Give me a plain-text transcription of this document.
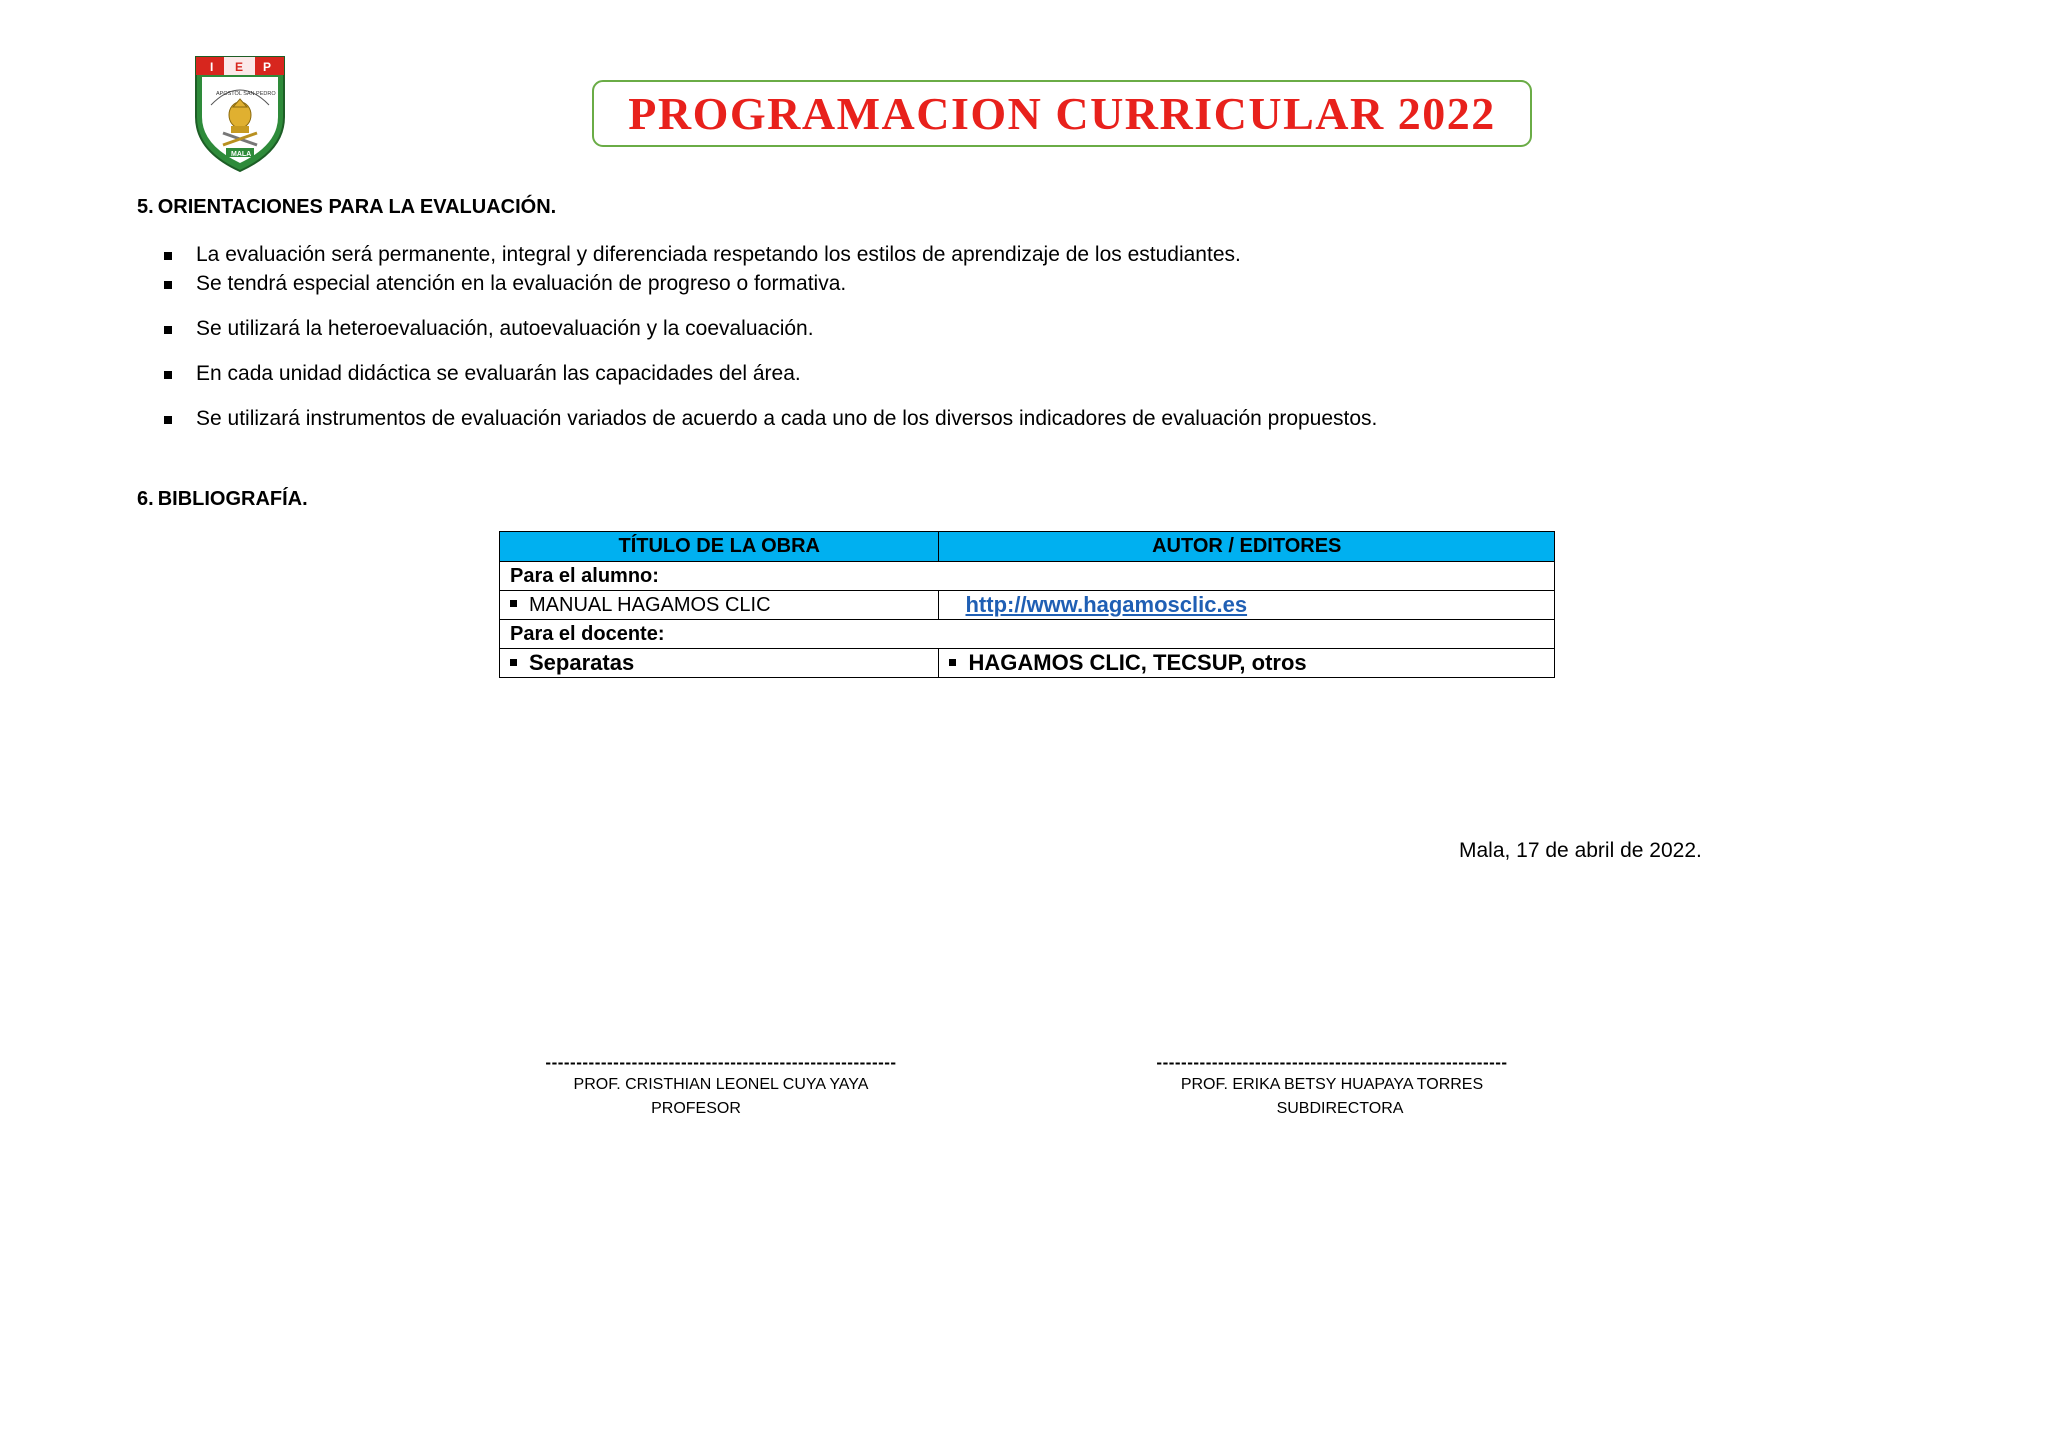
I E P
APOSTOL SAN PEDRO
MALA
PROGRAMACION CURRICULAR 2022
5. ORIENTACIONES PARA LA EVALUACIÓN.
La evaluación será permanente, integral y diferenciada respetando los estilos de aprendizaje de los estudiantes.
Se tendrá especial atención en la evaluación de progreso o formativa.
Se utilizará la heteroevaluación, autoevaluación y la coevaluación.
En cada unidad didáctica se evaluarán las capacidades del área.
Se utilizará instrumentos de evaluación variados de acuerdo a cada uno de los diversos indicadores de evaluación propuestos.
6. BIBLIOGRAFÍA.
TÍTULO DE LA OBRA	AUTOR / EDITORES
Para el alumno:	
MANUAL HAGAMOS CLIC	http://www.hagamosclic.es
Para el docente:	
Separatas	HAGAMOS CLIC, TECSUP, otros
Mala, 17 de abril de 2022.
---------------------------------------------------------
PROF. CRISTHIAN LEONEL CUYA YAYA
PROFESOR
---------------------------------------------------------
PROF. ERIKA BETSY HUAPAYA TORRES
SUBDIRECTORA
